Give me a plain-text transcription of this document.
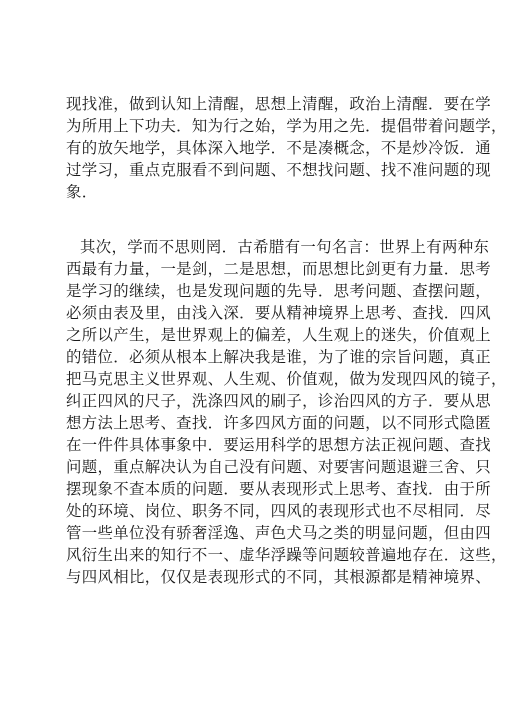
现找准，做到认知上清醒，思想上清醒，政治上清醒．要在学
为所用上下功夫．知为行之始，学为用之先．提倡带着问题学，
有的放矢地学，具体深入地学．不是凑概念，不是炒冷饭．通
过学习，重点克服看不到问题、不想找问题、找不准问题的现
象．
其次，学而不思则罔．古希腊有一句名言：世界上有两种东
西最有力量，一是剑，二是思想，而思想比剑更有力量．思考
是学习的继续，也是发现问题的先导．思考问题、查摆问题，
必须由表及里，由浅入深．要从精神境界上思考、查找．四风
之所以产生，是世界观上的偏差，人生观上的迷失，价值观上
的错位．必须从根本上解决我是谁，为了谁的宗旨问题，真正
把马克思主义世界观、人生观、价值观，做为发现四风的镜子，
纠正四风的尺子，洗涤四风的刷子，诊治四风的方子．要从思
想方法上思考、查找．许多四风方面的问题，以不同形式隐匿
在一件件具体事象中．要运用科学的思想方法正视问题、查找
问题，重点解决认为自己没有问题、对要害问题退避三舍、只
摆现象不查本质的问题．要从表现形式上思考、查找．由于所
处的环境、岗位、职务不同，四风的表现形式也不尽相同．尽
管一些单位没有骄奢淫逸、声色犬马之类的明显问题，但由四
风衍生出来的知行不一、虚华浮躁等问题较普遍地存在．这些，
与四风相比，仅仅是表现形式的不同，其根源都是精神境界、
